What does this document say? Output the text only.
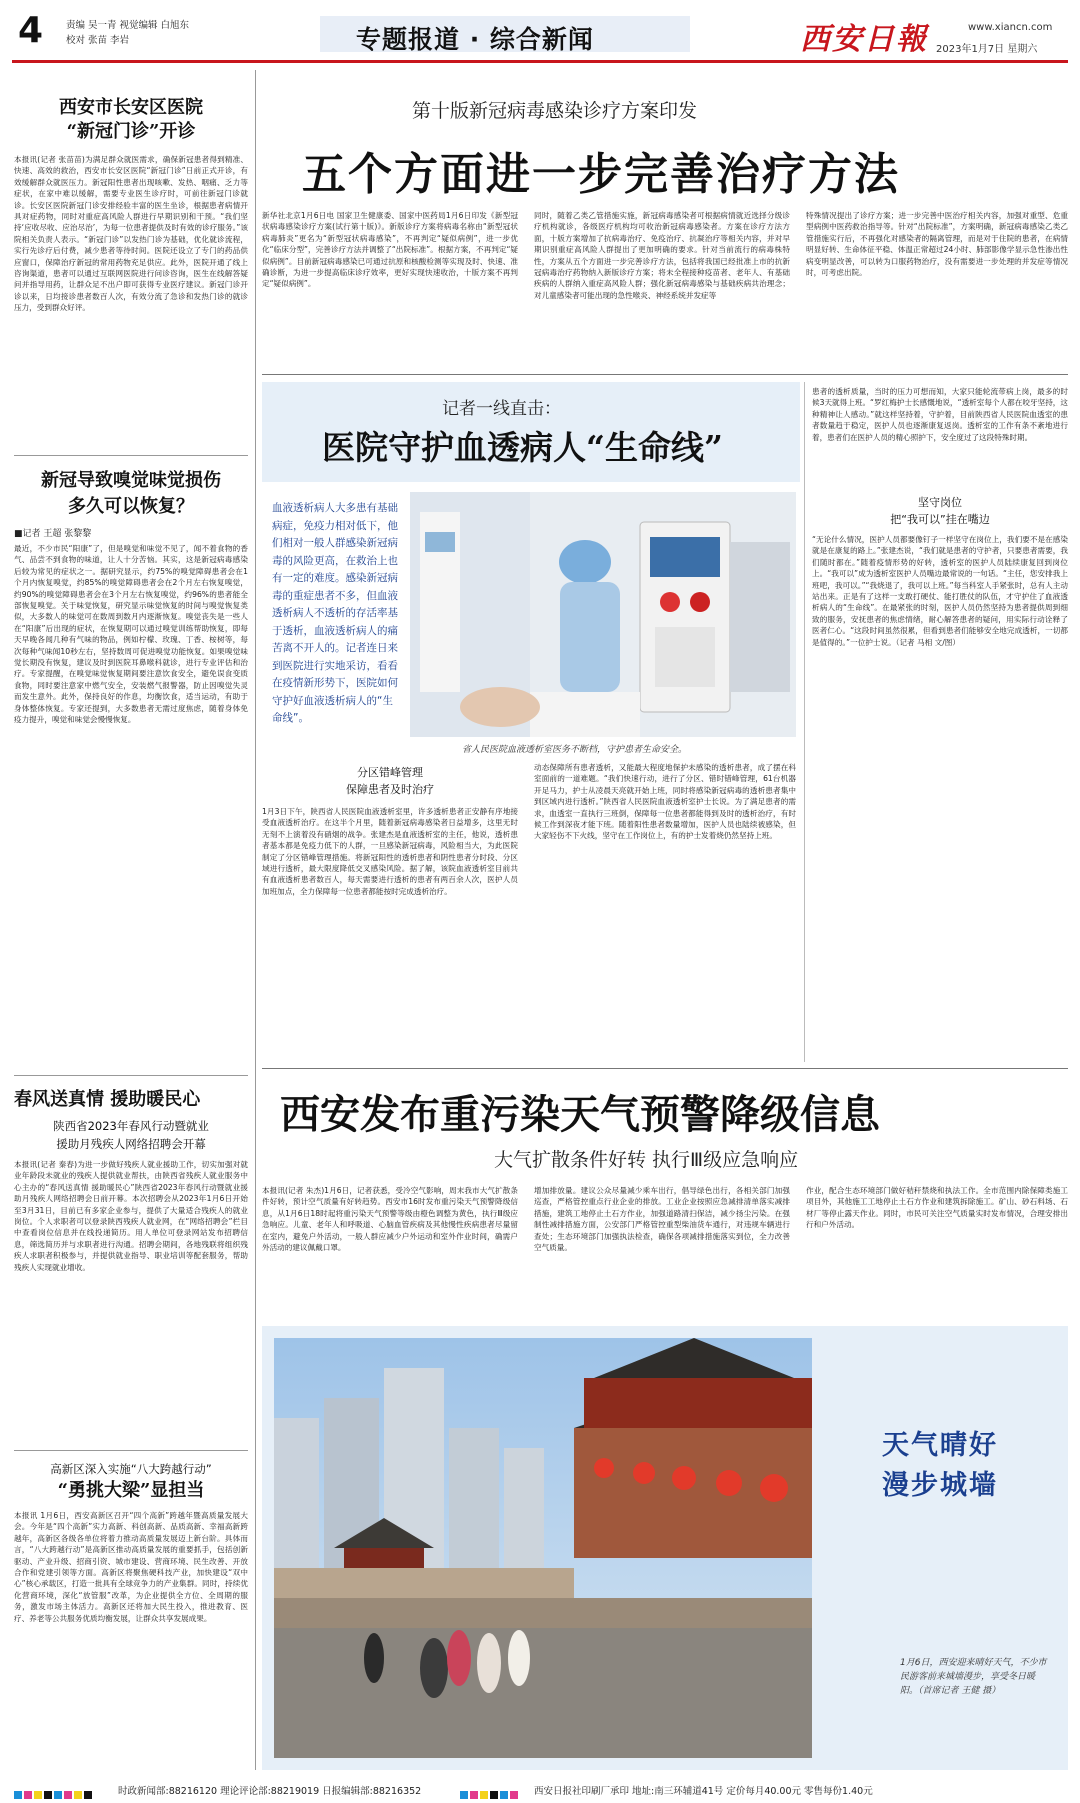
4 责编 吴一青 视觉编辑 白旭东
校对 张苗 李岩	专题报道 · 综合新闻	西安日報	www.xiancn.com
2023年1月7日 星期六
西安市长安区医院
“新冠门诊”开诊
本报讯(记者 张苗苗)为满足群众就医需求，确保新冠患者得到精准、快速、高效的救治，西安市长安区医院“新冠门诊”日前正式开诊，有效缓解群众就医压力。新冠阳性患者出现咳嗽、发热、咽痛、乏力等症状，在家中难以缓解，需要专业医生诊疗时，可前往新冠门诊就诊。长安区医院新冠门诊安排经验丰富的医生坐诊，根据患者病情开具对症药物，同时对重症高风险人群进行早期识别和干预。“我们坚持‘应收尽收、应治尽治’，为每一位患者提供及时有效的诊疗服务。”该院相关负责人表示。“新冠门诊”以发热门诊为基础，优化就诊流程，实行先诊疗后付费，减少患者等待时间。医院还设立了专门的药品供应窗口，保障治疗新冠的常用药物充足供应。此外，医院开通了线上咨询渠道，患者可以通过互联网医院进行问诊咨询，医生在线解答疑问并指导用药，让群众足不出户即可获得专业医疗建议。新冠门诊开诊以来，日均接诊患者数百人次，有效分流了急诊和发热门诊的就诊压力，受到群众好评。
新冠导致嗅觉味觉损伤
多久可以恢复？
■记者 王超 张黎黎
最近，不少市民“阳康”了，但是嗅觉和味觉不见了，闻不着食物的香气、品尝不到食物的味道，让人十分苦恼。其实，这是新冠病毒感染后较为常见的症状之一。据研究显示，约75%的嗅觉障碍患者会在1个月内恢复嗅觉，约85%的嗅觉障碍患者会在2个月左右恢复嗅觉，约90%的嗅觉障碍患者会在3个月左右恢复嗅觉，约96%的患者能全部恢复嗅觉。关于味觉恢复，研究显示味觉恢复的时间与嗅觉恢复类似，大多数人的味觉可在数周到数月内逐渐恢复。嗅觉丧失是一些人在“阳康”后出现的症状，在恢复期可以通过嗅觉训练帮助恢复，即每天早晚各闻几种有气味的物品，例如柠檬、玫瑰、丁香、桉树等，每次每种气味闻10秒左右，坚持数周可促进嗅觉功能恢复。如果嗅觉味觉长期没有恢复，建议及时到医院耳鼻喉科就诊，进行专业评估和治疗。专家提醒，在嗅觉味觉恢复期间要注意饮食安全，避免误食变质食物，同时要注意家中燃气安全，安装燃气报警器，防止因嗅觉失灵而发生意外。此外，保持良好的作息，均衡饮食，适当运动，有助于身体整体恢复。专家还提到，大多数患者无需过度焦虑，随着身体免疫力提升，嗅觉和味觉会慢慢恢复。
春风送真情 援助暖民心
陕西省2023年春风行动暨就业
援助月残疾人网络招聘会开幕
本报讯(记者 秦春)为进一步做好残疾人就业援助工作，切实加强对就业年龄段未就业的残疾人提供就业帮扶，由陕西省残疾人就业服务中心主办的“春风送真情 援助暖民心”陕西省2023年春风行动暨就业援助月残疾人网络招聘会日前开幕。本次招聘会从2023年1月6日开始至3月31日，目前已有多家企业参与，提供了大量适合残疾人的就业岗位。个人求职者可以登录陕西残疾人就业网，在“网络招聘会”栏目中查看岗位信息并在线投递简历。用人单位可登录网站发布招聘信息，筛选简历并与求职者进行沟通。招聘会期间，各地残联将组织残疾人求职者积极参与，并提供就业指导、职业培训等配套服务，帮助残疾人实现就业增收。
高新区深入实施“八大跨越行动”
“勇挑大梁”显担当
本报讯 1月6日，西安高新区召开“四个高新”跨越年暨高质量发展大会。今年是“四个高新”实力高新、科创高新、品质高新、幸福高新跨越年，高新区各级各单位将着力推动高质量发展迈上新台阶。具体而言，“八大跨越行动”是高新区推动高质量发展的重要抓手，包括创新驱动、产业升级、招商引资、城市建设、营商环境、民生改善、开放合作和党建引领等方面。高新区将聚焦硬科技产业，加快建设“双中心”核心承载区，打造一批具有全球竞争力的产业集群。同时，持续优化营商环境，深化“放管服”改革，为企业提供全方位、全周期的服务，激发市场主体活力。高新区还将加大民生投入，推进教育、医疗、养老等公共服务优质均衡发展，让群众共享发展成果。
第十版新冠病毒感染诊疗方案印发
五个方面进一步完善治疗方法
新华社北京1月6日电 国家卫生健康委、国家中医药局1月6日印发《新型冠状病毒感染诊疗方案(试行第十版)》。新版诊疗方案将病毒名称由“新型冠状病毒肺炎”更名为“新型冠状病毒感染”，不再判定“疑似病例”，进一步优化“临床分型”，完善诊疗方法并调整了“出院标准”。根据方案，不再判定“疑似病例”。目前新冠病毒感染已可通过抗原和核酸检测等实现及时、快速、准确诊断，为进一步提高临床诊疗效率，更好实现快速收治，十版方案不再判定“疑似病例”。
同时，随着乙类乙管措施实施，新冠病毒感染者可根据病情就近选择分级诊疗机构就诊，各级医疗机构均可收治新冠病毒感染者。方案在诊疗方法方面，十版方案增加了抗病毒治疗、免疫治疗、抗凝治疗等相关内容，并对早期识别重症高风险人群提出了更加明确的要求。针对当前流行的病毒株特性，方案从五个方面进一步完善诊疗方法，包括将我国已经批准上市的抗新冠病毒治疗药物纳入新版诊疗方案；将未全程接种疫苗者、老年人、有基础疾病的人群纳入重症高风险人群；强化新冠病毒感染与基础疾病共治理念；对儿童感染者可能出现的急性喉炎、神经系统并发症等
特殊情况提出了诊疗方案；进一步完善中医治疗相关内容，加强对重型、危重型病例中医药救治指导等。针对“出院标准”，方案明确，新冠病毒感染乙类乙管措施实行后，不再强化对感染者的隔离管理，而是对于住院的患者，在病情明显好转、生命体征平稳、体温正常超过24小时、肺部影像学显示急性渗出性病变明显改善，可以转为口服药物治疗，没有需要进一步处理的并发症等情况时，可考虑出院。
记者一线直击：
医院守护血透病人“生命线”
血液透析病人大多患有基础病症，免疫力相对低下，他们相对一般人群感染新冠病毒的风险更高，在救治上也有一定的难度。感染新冠病毒的重症患者不多，但血液透析病人不透析的存活率基于透析，血液透析病人的痛苦离不开人的。记者连日来到医院进行实地采访，看看在疫情新形势下，医院如何守护好血液透析病人的“生命线”。
省人民医院血液透析室医务不断档，守护患者生命安全。
分区错峰管理
保障患者及时治疗
1月3日下午，陕西省人民医院血液透析室里，许多透析患者正安静有序地接受血液透析治疗。在这半个月里，随着新冠病毒感染者日益增多，这里无时无刻不上演着没有硝烟的战争。张建杰是血液透析室的主任，他说，透析患者基本都是免疫力低下的人群，一旦感染新冠病毒，风险相当大，为此医院制定了分区错峰管理措施。将新冠阳性的透析患者和阴性患者分时段、分区域进行透析，最大限度降低交叉感染风险。据了解，该院血液透析室目前共有血液透析患者数百人，每天需要进行透析的患者有两百余人次，医护人员加班加点，全力保障每一位患者都能按时完成透析治疗。
动态保障所有患者透析，又能最大程度地保护未感染的透析患者，成了摆在科室面前的一道难题。“我们快速行动，进行了分区、错时错峰管理，61台机器开足马力，护士从凌晨天亮就开始上班，同时将感染新冠病毒的透析患者集中到区域内进行透析。”陕西省人民医院血液透析室护士长说。为了满足患者的需求，血透室一直执行三班倒，保障每一位患者都能得到及时的透析治疗，有时候工作到深夜才能下班。随着阳性患者数量增加，医护人员也陆续被感染，但大家轻伤不下火线，坚守在工作岗位上，有的护士发着烧仍然坚持上班。
患者的透析质量，当时的压力可想而知，大家只能轮流带病上岗，最多的时候3天就得上班。“罗红梅护士长感慨地说，“透析室每个人都在咬牙坚持，这种精神让人感动。”就这样坚持着，守护着，目前陕西省人民医院血透室的患者数量趋于稳定，医护人员也逐渐康复返岗。透析室的工作有条不紊地进行着，患者们在医护人员的精心照护下，安全度过了这段特殊时期。
坚守岗位
把“我可以”挂在嘴边
“无论什么情况，医护人员都要像钉子一样坚守在岗位上，我们要不是在感染就是在康复的路上。”张建杰说，“我们就是患者的守护者，只要患者需要，我们随时都在。”随着疫情形势的好转，透析室的医护人员陆续康复回到岗位上。“我可以”成为透析室医护人员嘴边最常说的一句话。“主任，您安排我上班吧，我可以。”“我烧退了，我可以上班。”每当科室人手紧张时，总有人主动站出来。正是有了这样一支敢打硬仗、能打胜仗的队伍，才守护住了血液透析病人的“生命线”。在最紧张的时刻，医护人员仍然坚持为患者提供周到细致的服务，安抚患者的焦虑情绪，耐心解答患者的疑问，用实际行动诠释了医者仁心。“这段时间虽然很累，但看到患者们能够安全地完成透析，一切都是值得的。”一位护士说。（记者 马相 文/图）
西安发布重污染天气预警降级信息
大气扩散条件好转 执行Ⅲ级应急响应
本报讯(记者 朱杰)1月6日，记者获悉，受冷空气影响，周末我市大气扩散条件好转，预计空气质量有好转趋势。西安市16时发布重污染天气预警降级信息，从1月6日18时起将重污染天气预警等级由橙色调整为黄色，执行Ⅲ级应急响应。儿童、老年人和呼吸道、心脑血管疾病及其他慢性疾病患者尽量留在室内，避免户外活动，一般人群应减少户外运动和室外作业时间，确需户外活动的建议佩戴口罩。
增加排放量。建议公众尽量减少乘车出行，倡导绿色出行，各相关部门加强巡查，严格管控重点行业企业的排放。工业企业按照应急减排清单落实减排措施，建筑工地停止土石方作业，加强道路清扫保洁，减少扬尘污染。在强制性减排措施方面，公安部门严格管控重型柴油货车通行，对违规车辆进行查处；生态环境部门加强执法检查，确保各项减排措施落实到位，全力改善空气质量。
作业，配合生态环境部门做好秸秆禁烧和执法工作。全市范围内除保障类施工项目外，其他施工工地停止土石方作业和建筑拆除施工。矿山、砂石料场、石材厂等停止露天作业。同时，市民可关注空气质量实时发布情况，合理安排出行和户外活动。
天气晴好
漫步城墙
1月6日，西安迎来晴好天气，不少市民游客前来城墙漫步，享受冬日暖阳。（首席记者 王健 摄）
时政新闻部:88216120 理论评论部:88219019 日报编辑部:88216352	西安日报社印刷厂承印 地址:南三环辅道41号 定价每月40.00元 零售每份1.40元
